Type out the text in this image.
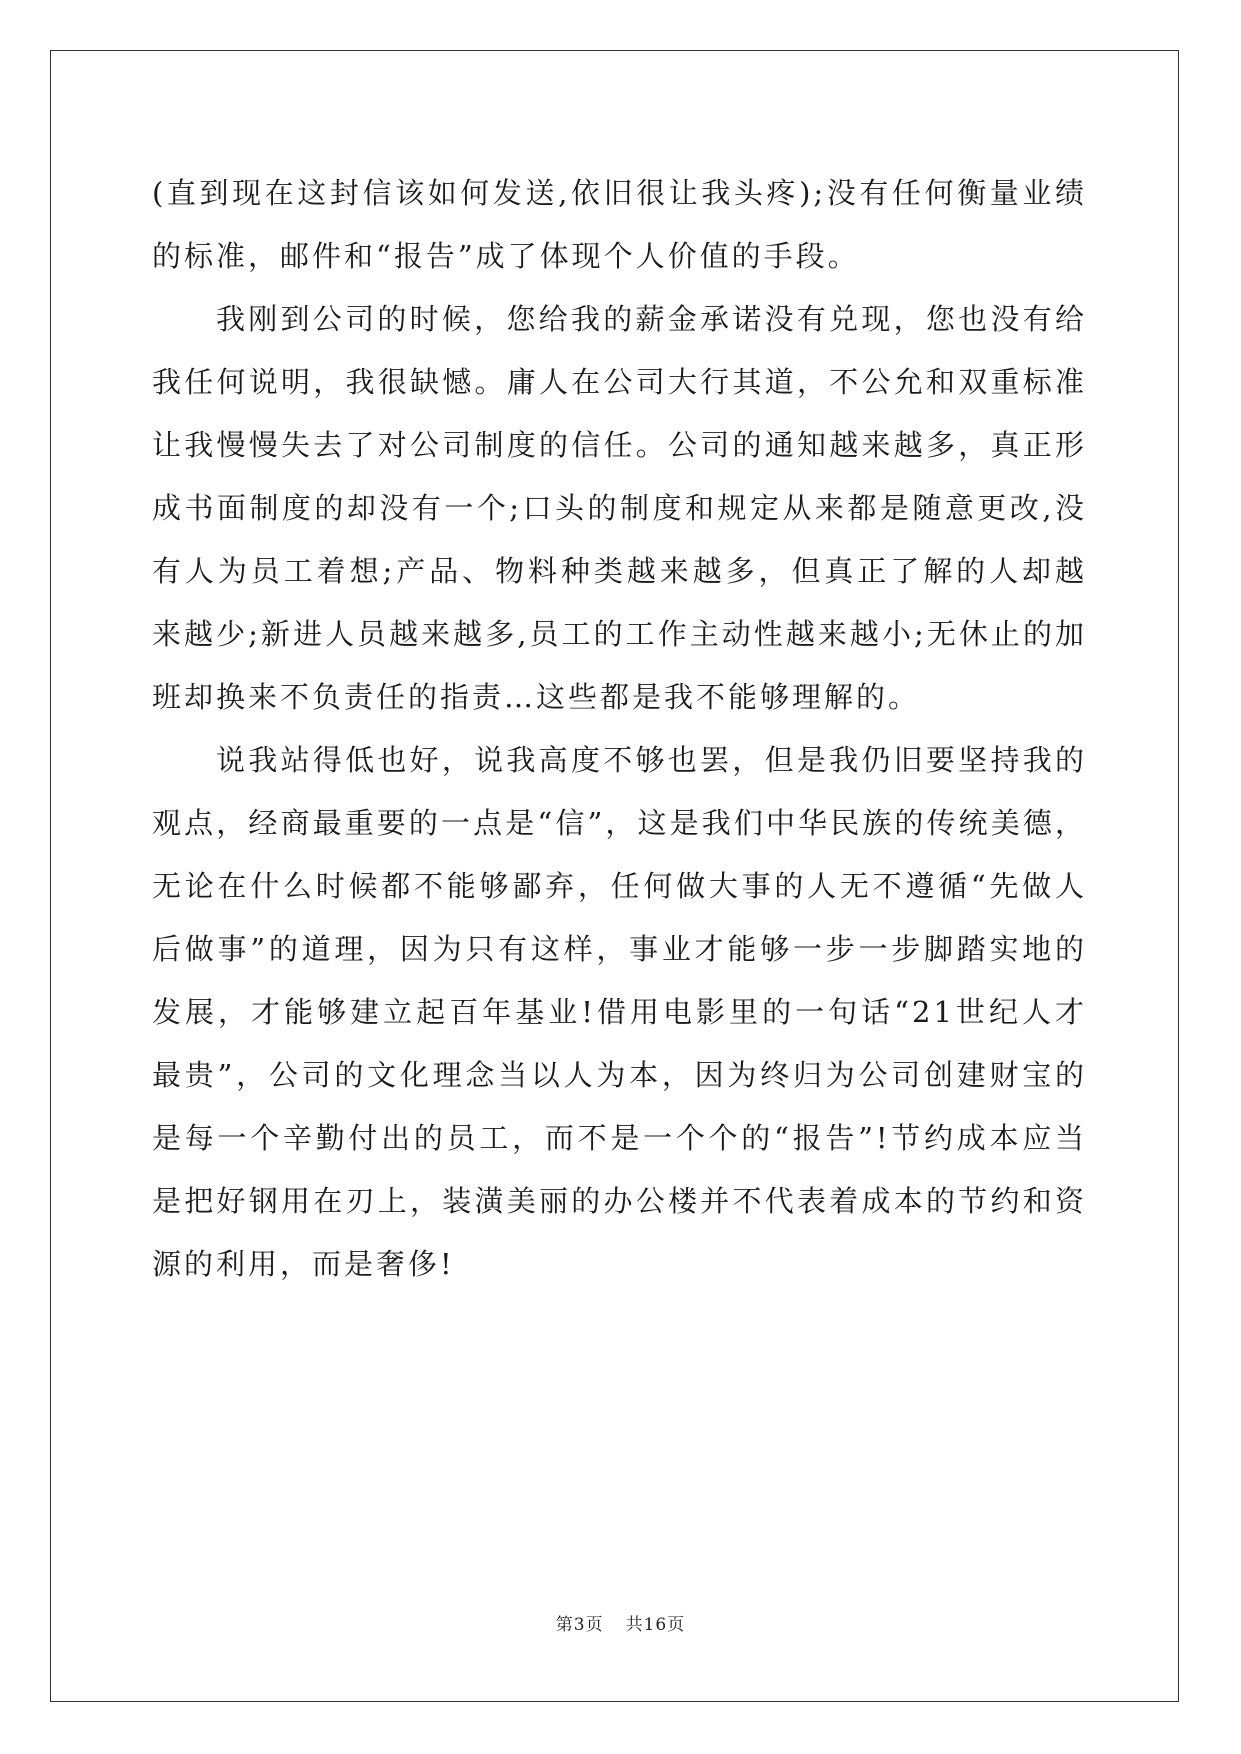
(直到现在这封信该如何发送,依旧很让我头疼);没有任何衡量业绩的标准，邮件和“报告”成了体现个人价值的手段。

我刚到公司的时候，您给我的薪金承诺没有兑现，您也没有给我任何说明，我很缺憾。庸人在公司大行其道，不公允和双重标准让我慢慢失去了对公司制度的信任。公司的通知越来越多，真正形成书面制度的却没有一个;口头的制度和规定从来都是随意更改,没有人为员工着想;产品、物料种类越来越多，但真正了解的人却越来越少;新进人员越来越多,员工的工作主动性越来越小;无休止的加班却换来不负责任的指责…这些都是我不能够理解的。

说我站得低也好，说我高度不够也罢，但是我仍旧要坚持我的观点，经商最重要的一点是“信”，这是我们中华民族的传统美德，无论在什么时候都不能够鄙弃，任何做大事的人无不遵循“先做人后做事”的道理，因为只有这样，事业才能够一步一步脚踏实地的发展，才能够建立起百年基业!借用电影里的一句话“21世纪人才最贵”，公司的文化理念当以人为本，因为终归为公司创建财宝的是每一个辛勤付出的员工，而不是一个个的“报告”!节约成本应当是把好钢用在刃上，装潢美丽的办公楼并不代表着成本的节约和资源的利用，而是奢侈!

第3页 共16页
